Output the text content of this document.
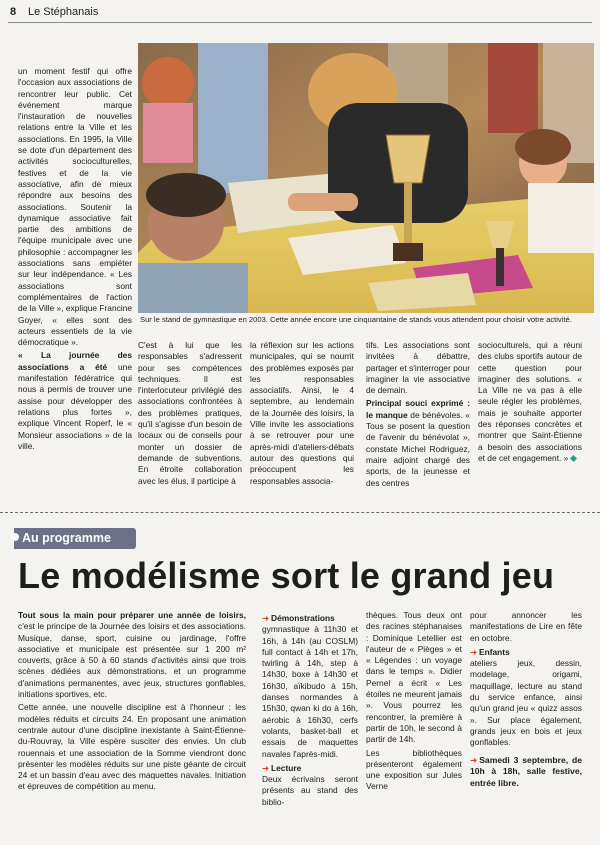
8 Le Stéphanais

un moment festif qui offre l'occasion aux associations de rencontrer leur public. Cet événement marque l'instauration de nouvelles relations entre la Ville et les associations. En 1995, la Ville se dote d'un département des activités socioculturelles, festives et de la vie associative, afin de mieux répondre aux besoins des associations. Soutenir la dynamique associative fait partie des ambitions de l'équipe municipale avec une philosophie : accompagner les associations sans empiéter sur leur indépendance. « Les associations sont complémentaires de l'action de la Ville », explique Francine Goyer, « elles sont des acteurs essentiels de la vie démocratique ».

« La journée des associations a été une manifestation fédératrice qui nous a permis de trouver une assise pour développer des relations plus fortes », explique Vincent Roperf, le « Monsieur associations » de la ville.

Sur le stand de gymnastique en 2003. Cette année encore une cinquantaine de stands vous attendent pour choisir votre activité.

C'est à lui que les responsables s'adressent pour ses compétences techniques. Il est l'interlocuteur privilégié des associations confrontées à des problèmes pratiques, qu'il s'agisse d'un besoin de locaux ou de conseils pour monter un dossier de demande de subventions. En étroite collaboration avec les élus, il participe à

la réflexion sur les actions municipales, qui se nourrit des problèmes exposés par les responsables associatifs. Ainsi, le 4 septembre, au lendemain de la Journée des loisirs, la Ville invite les associations à se retrouver pour une après-midi d'ateliers-débats autour des questions qui préoccupent les responsables associa-

tifs. Les associations sont invitées à débattre, partager et s'interroger pour imaginer la vie associative de demain.

Principal souci exprimé : le manque de bénévoles. « Tous se posent la question de l'avenir du bénévolat », constate Michel Rodriguez, maire adjoint chargé des sports, de la jeunesse et des centres

socioculturels, qui a réuni des clubs sportifs autour de cette question pour imaginer des solutions. « La Ville ne va pas à elle seule régler les problèmes, mais je souhaite apporter des réponses concrètes et montrer que Saint-Étienne a besoin des associations et de cet engagement. »

Au programme
Le modélisme sort le grand jeu

Tout sous la main pour préparer une année de loisirs, c'est le principe de la Journée des loisirs et des associations. Musique, danse, sport, cuisine ou jardinage, l'offre associative et municipale est présentée sur 1 200 m² couverts, grâce à 50 à 60 stands d'activités ainsi que trois scènes dédiées aux démonstrations, et un programme d'animations permanentes, avec jeux, structures gonflables, initiations sportives, etc.

Cette année, une nouvelle discipline est à l'honneur : les modèles réduits et circuits 24. En proposant une animation centrale autour d'une discipline inexistante à Saint-Étienne-du-Rouvray, la Ville espère susciter des envies. Un club rouennais et une association de la Somme viendront donc présenter les modèles réduits sur une piste géante de circuit 24 et un bassin d'eau avec des maquettes navales. Initiation et épreuves de compétition au menu.

➜ Démonstrations

gymnastique à 11h30 et 16h, à 14h (au COSLM) full contact à 14h et 17h, twirling à 14h, step à 14h30, boxe à 14h30 et 16h30, aïkibudo à 15h, danses normandes à 15h30, qwan ki do à 16h, aérobic à 16h30, cerfs volants, basket-ball et essais de maquettes navales l'après-midi.

➜ Lecture

Deux écrivains seront présents au stand des biblio-

thèques. Tous deux ont des racines stéphanaises : Dominique Letellier est l'auteur de « Pièges » et « Légendes : un voyage dans le temps ». Didier Pernel a écrit « Les étoiles ne meurent jamais ». Vous pourrez les rencontrer, la première à partir de 10h, le second à partir de 14h.

Les bibliothèques présenteront également une exposition sur Jules Verne

pour annoncer les manifestations de Lire en fête en octobre.

➜ Enfants

ateliers jeux, dessin, modelage, origami, maquillage, lecture au stand du service enfance, ainsi qu'un grand jeu « quizz assos ». Sur place également, grands jeux en bois et jeux gonflables.

➜ Samedi 3 septembre, de 10h à 18h, salle festive, entrée libre.
